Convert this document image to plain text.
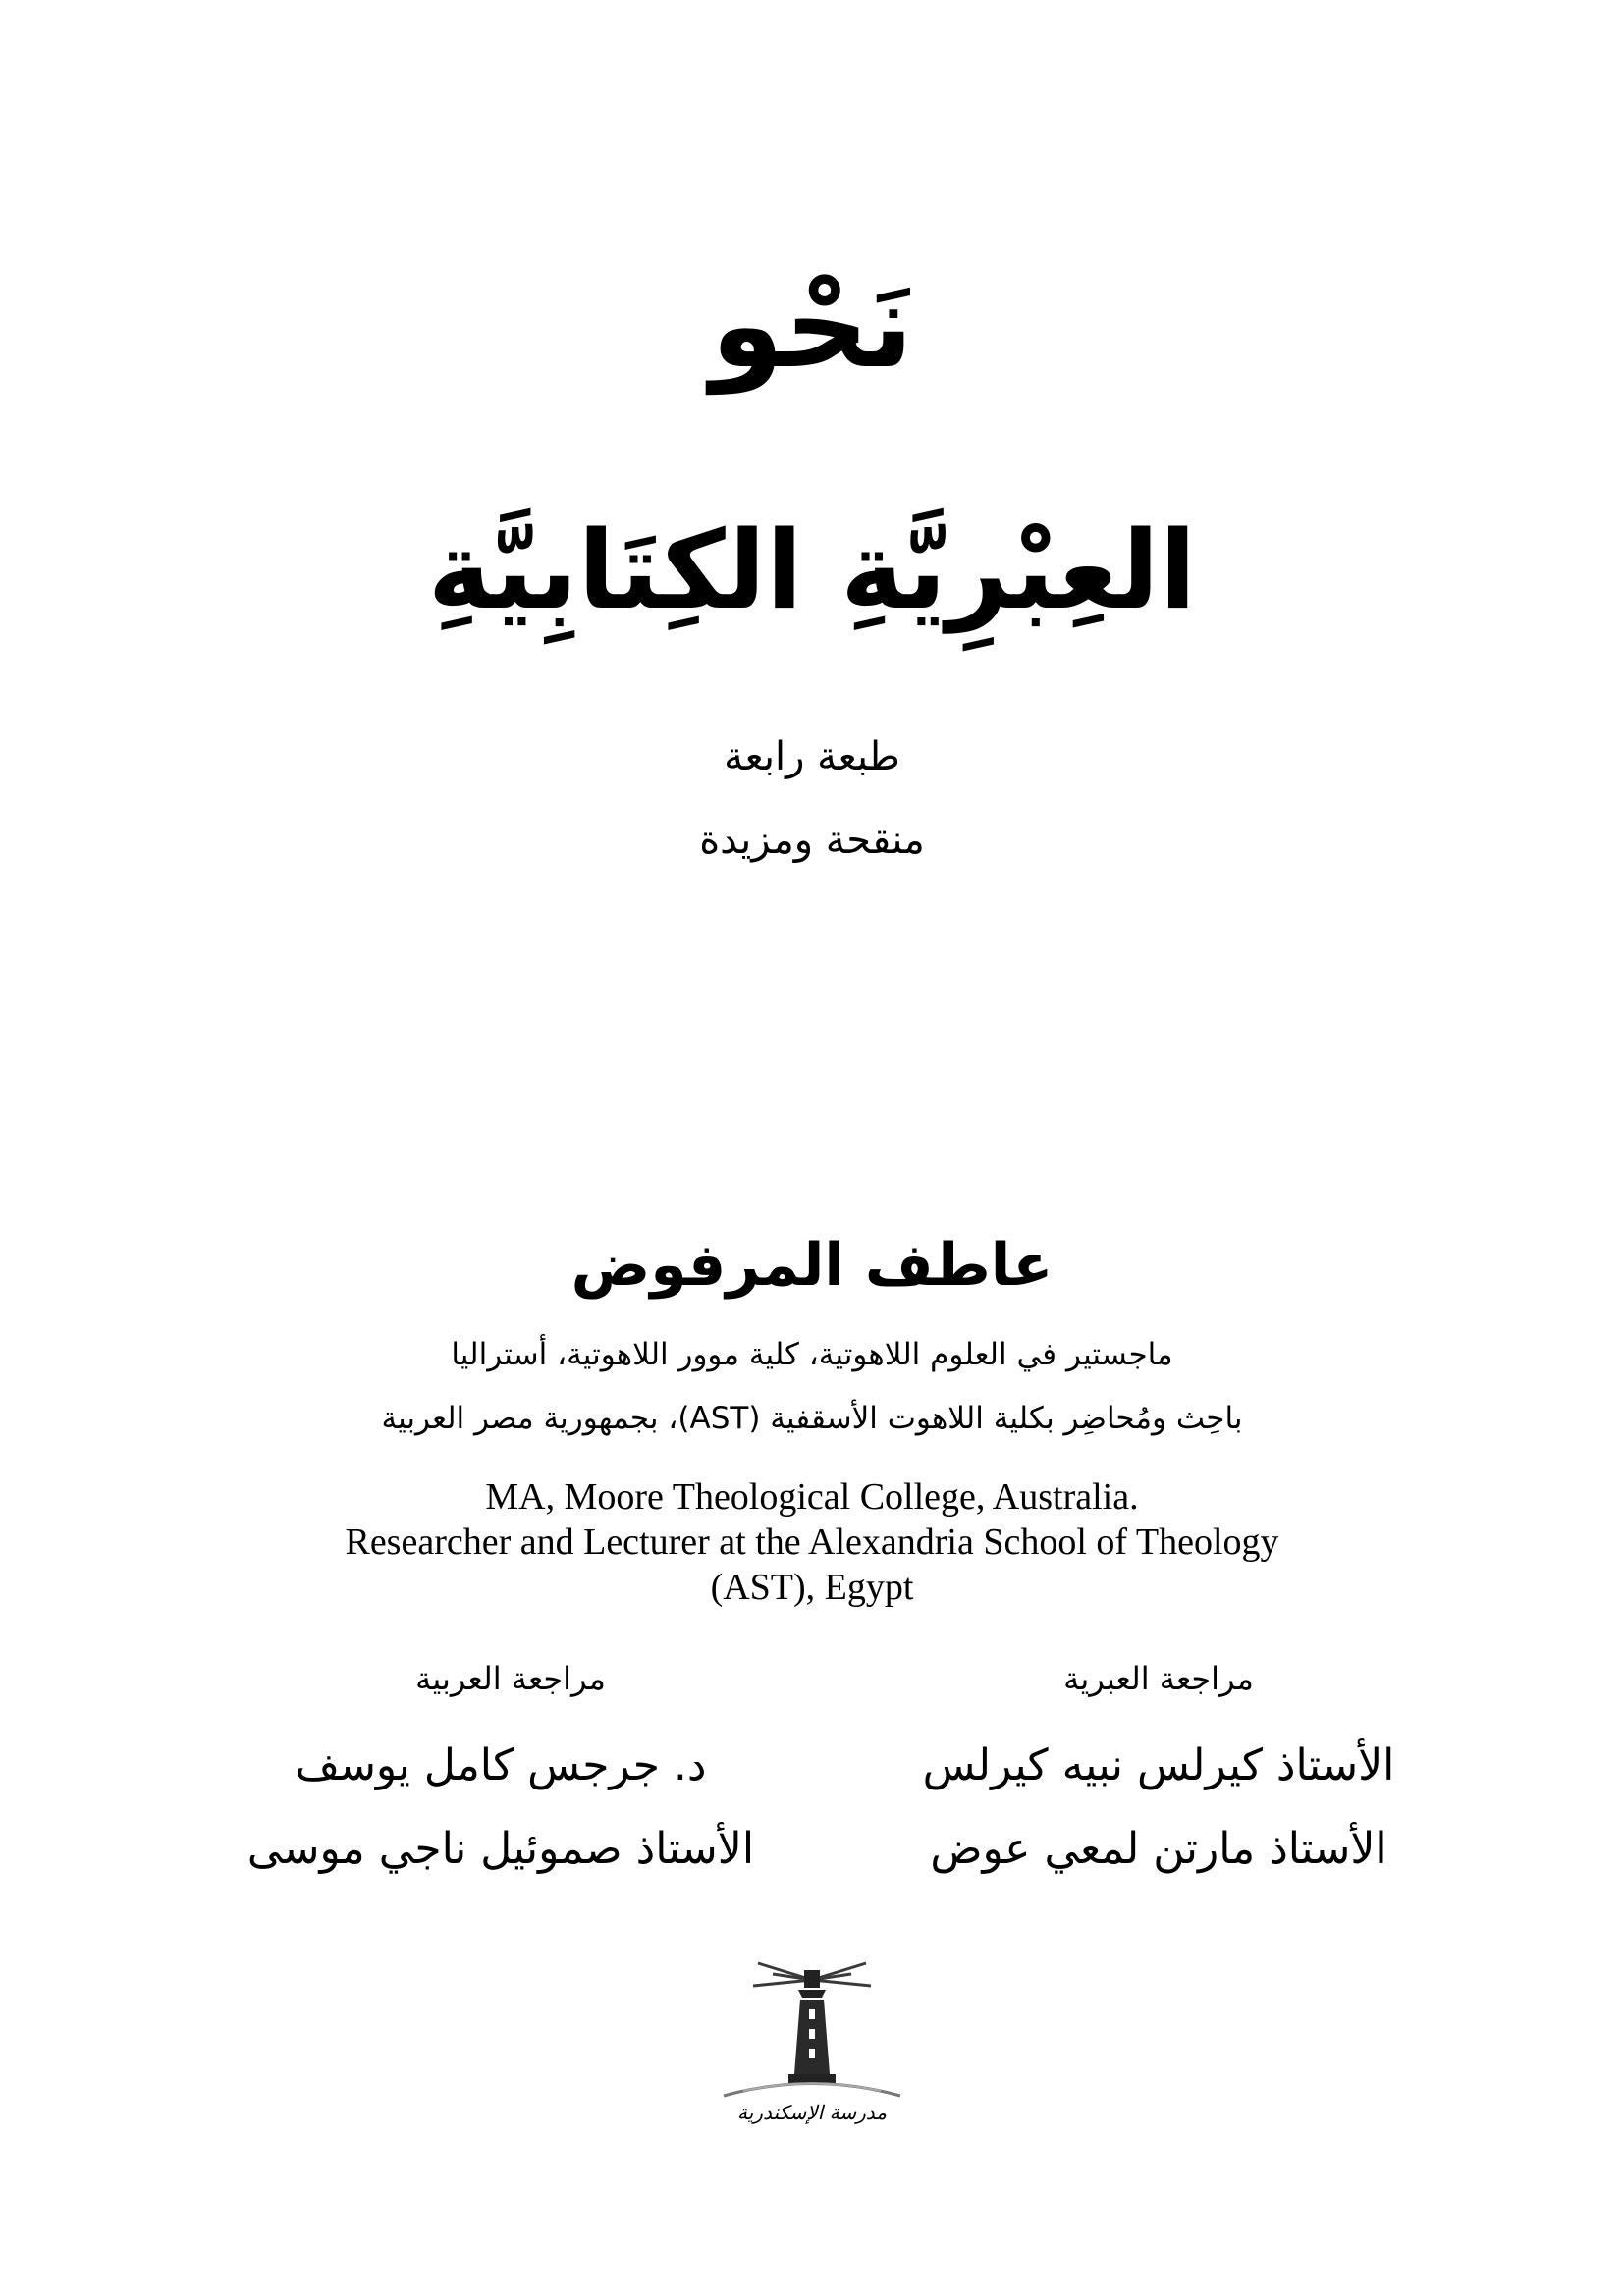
نَحْو
العِبْرِيَّةِ الكِتَابِيَّةِ
طبعة رابعة
منقحة ومزيدة
عاطف المرفوض
ماجستير في العلوم اللاهوتية، كلية موور اللاهوتية، أستراليا
باحِث ومُحاضِر بكلية اللاهوت الأسقفية (AST)، بجمهورية مصر العربية
MA, Moore Theological College, Australia.
Researcher and Lecturer at the Alexandria School of Theology
(AST), Egypt
مراجعة العبرية
مراجعة العربية
الأستاذ كيرلس نبيه كيرلس
الأستاذ مارتن لمعي عوض
د. جرجس كامل يوسف
الأستاذ صموئيل ناجي موسى
مدرسة الإسكندرية
